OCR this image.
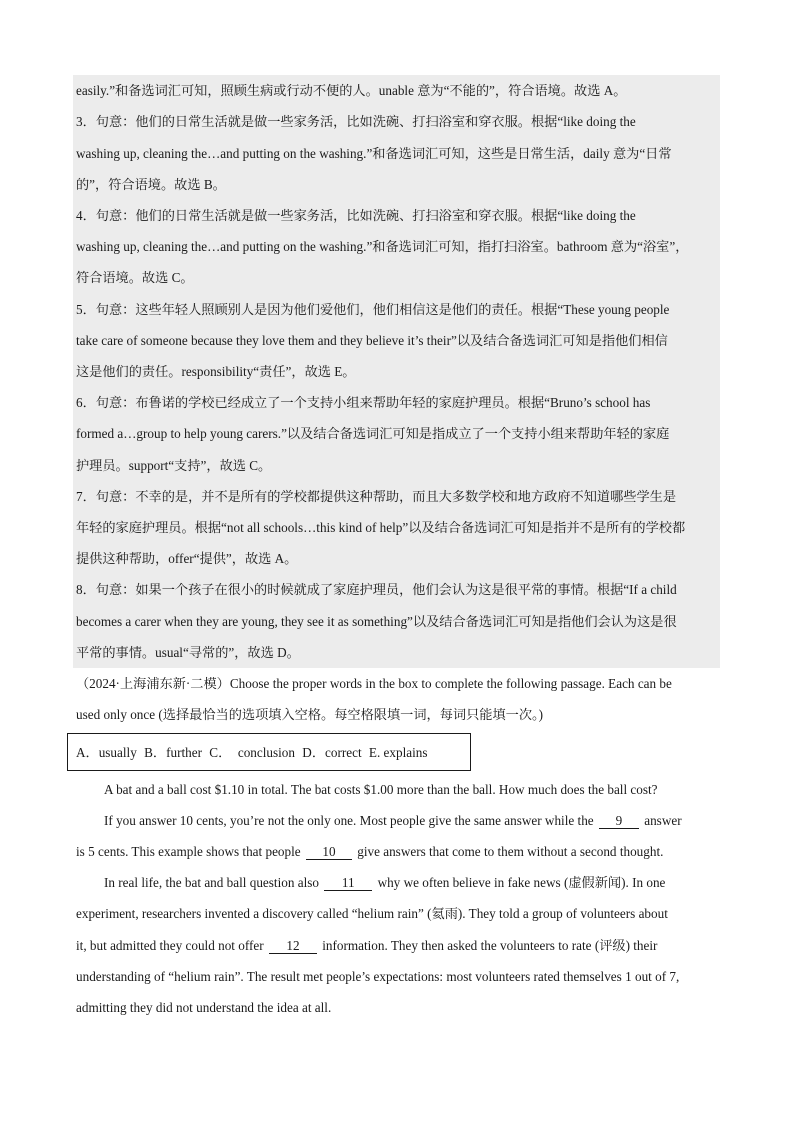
easily.”和备选词汇可知，照顾生病或行动不便的人。unable 意为“不能的”，符合语境。故选 A。
3．句意：他们的日常生活就是做一些家务活，比如洗碗、打扫浴室和穿衣服。根据“like doing the
washing up, cleaning the…and putting on the washing.”和备选词汇可知，这些是日常生活，daily 意为“日常
的”，符合语境。故选 B。
4．句意：他们的日常生活就是做一些家务活，比如洗碗、打扫浴室和穿衣服。根据“like doing the
washing up, cleaning the…and putting on the washing.”和备选词汇可知，指打扫浴室。bathroom 意为“浴室”，
符合语境。故选 C。
5．句意：这些年轻人照顾别人是因为他们爱他们，他们相信这是他们的责任。根据“These young people
take care of someone because they love them and they believe it’s their”以及结合备选词汇可知是指他们相信
这是他们的责任。responsibility“责任”，故选 E。
6．句意：布鲁诺的学校已经成立了一个支持小组来帮助年轻的家庭护理员。根据“Bruno’s school has
formed a…group to help young carers.”以及结合备选词汇可知是指成立了一个支持小组来帮助年轻的家庭
护理员。support“支持”，故选 C。
7．句意：不幸的是，并不是所有的学校都提供这种帮助，而且大多数学校和地方政府不知道哪些学生是
年轻的家庭护理员。根据“not all schools…this kind of help”以及结合备选词汇可知是指并不是所有的学校都
提供这种帮助，offer“提供”，故选 A。
8．句意：如果一个孩子在很小的时候就成了家庭护理员，他们会认为这是很平常的事情。根据“If a child
becomes a carer when they are young, they see it as something”以及结合备选词汇可知是指他们会认为这是很
平常的事情。usual“寻常的”，故选 D。
（2024·上海浦东新·二模）Choose the proper words in the box to complete the following passage. Each can be
used only once (选择最恰当的选项填入空格。每空格限填一词，每词只能填一次。)
A．usually B．further C．  conclusion D．correct E. explains
A bat and a ball cost $1.10 in total. The bat costs $1.00 more than the ball. How much does the ball cost?
If you answer 10 cents, you’re not the only one. Most people give the same answer while the 9 answer
is 5 cents. This example shows that people 10 give answers that come to them without a second thought.
In real life, the bat and ball question also 11 why we often believe in fake news (虚假新闻). In one
experiment, researchers invented a discovery called “helium rain” (氦雨). They told a group of volunteers about
it, but admitted they could not offer 12 information. They then asked the volunteers to rate (评级) their
understanding of “helium rain”. The result met people’s expectations: most volunteers rated themselves 1 out of 7,
admitting they did not understand the idea at all.
